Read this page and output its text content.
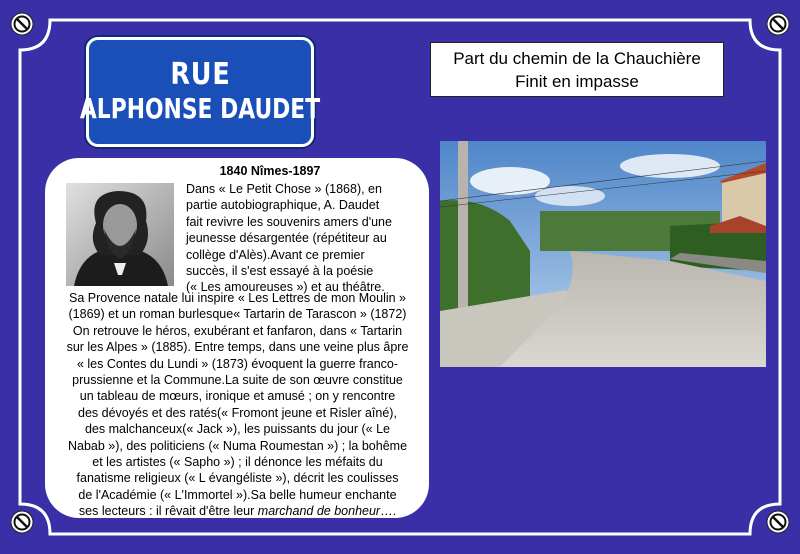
RUE
ALPHONSE DAUDET
Part du chemin de la Chauchière
Finit en impasse
1840 Nîmes-1897
Dans « Le Petit Chose » (1868), en
partie autobiographique, A. Daudet
fait revivre les souvenirs amers d'une
jeunesse désargentée (répétiteur au
collège d'Alès).Avant ce premier
succès, il s'est essayé à la poésie
(« Les amoureuses ») et au théâtre.
Sa Provence natale lui inspire « Les Lettres de mon Moulin »
(1869) et un roman burlesque« Tartarin de Tarascon » (1872)
On retrouve le héros, exubérant et fanfaron, dans « Tartarin
sur les Alpes » (1885). Entre temps, dans une veine plus âpre
« les Contes du Lundi » (1873) évoquent la guerre franco-
prussienne et la Commune.La suite de son œuvre constitue
un tableau de mœurs, ironique et amusé ; on y rencontre
des dévoyés et des ratés(« Fromont jeune et Risler aîné),
des malchanceux(« Jack »), les puissants du jour (« Le
Nabab »), des politiciens (« Numa Roumestan ») ; la bohême
et les artistes (« Sapho ») ; il dénonce les méfaits du
fanatisme religieux (« L évangéliste »), décrit les coulisses
de l'Académie (« L'Immortel »).Sa belle humeur enchante
ses lecteurs : il rêvait d'être leur marchand de bonheur….
